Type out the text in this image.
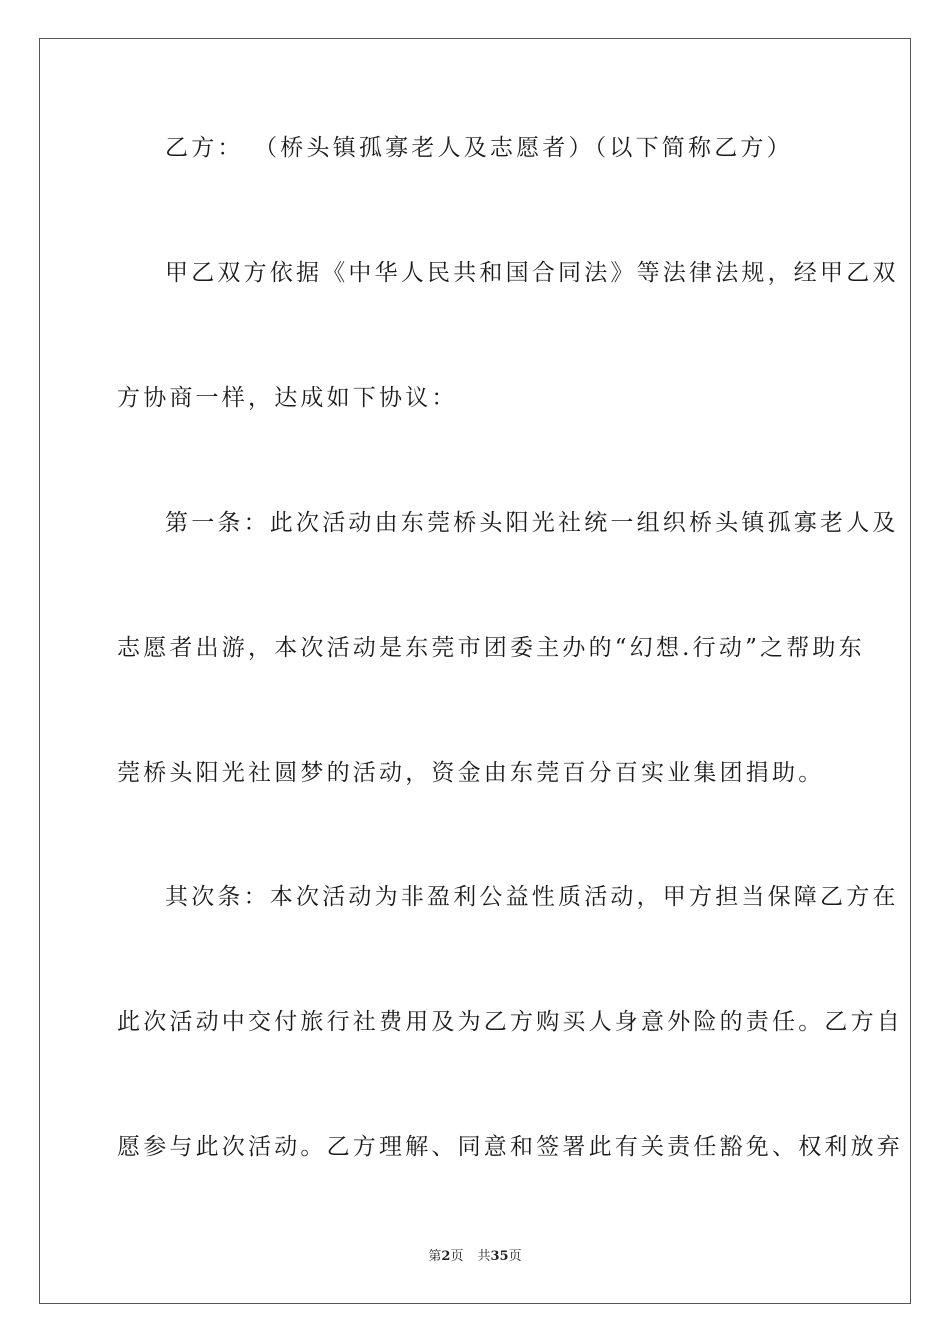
乙方： （桥头镇孤寡老人及志愿者）（以下简称乙方）
甲乙双方依据《中华人民共和国合同法》等法律法规，经甲乙双
方协商一样，达成如下协议：
第一条：此次活动由东莞桥头阳光社统一组织桥头镇孤寡老人及
志愿者出游，本次活动是东莞市团委主办的“幻想.行动”之帮助东
莞桥头阳光社圆梦的活动，资金由东莞百分百实业集团捐助。
其次条：本次活动为非盈利公益性质活动，甲方担当保障乙方在
此次活动中交付旅行社费用及为乙方购买人身意外险的责任。乙方自
愿参与此次活动。乙方理解、同意和签署此有关责任豁免、权利放弃
第2页 共35页
